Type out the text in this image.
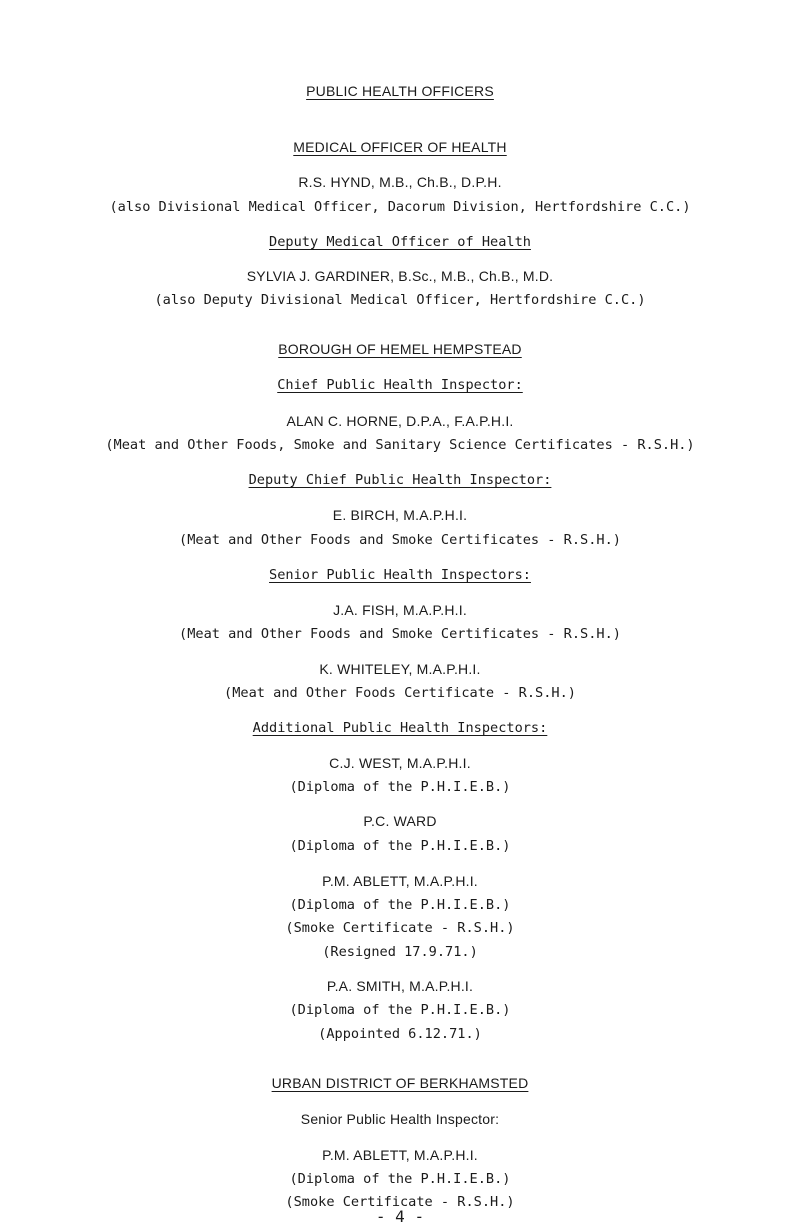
PUBLIC HEALTH OFFICERS
MEDICAL OFFICER OF HEALTH
R.S. HYND, M.B., Ch.B., D.P.H.
(also Divisional Medical Officer, Dacorum Division, Hertfordshire C.C.)
Deputy Medical Officer of Health
SYLVIA J. GARDINER, B.Sc., M.B., Ch.B., M.D.
(also Deputy Divisional Medical Officer, Hertfordshire C.C.)
BOROUGH OF HEMEL HEMPSTEAD
Chief Public Health Inspector:
ALAN C. HORNE, D.P.A., F.A.P.H.I.
(Meat and Other Foods, Smoke and Sanitary Science Certificates - R.S.H.)
Deputy Chief Public Health Inspector:
E. BIRCH, M.A.P.H.I.
(Meat and Other Foods and Smoke Certificates - R.S.H.)
Senior Public Health Inspectors:
J.A. FISH, M.A.P.H.I.
(Meat and Other Foods and Smoke Certificates - R.S.H.)
K. WHITELEY, M.A.P.H.I.
(Meat and Other Foods Certificate - R.S.H.)
Additional Public Health Inspectors:
C.J. WEST, M.A.P.H.I.
(Diploma of the P.H.I.E.B.)
P.C. WARD
(Diploma of the P.H.I.E.B.)
P.M. ABLETT, M.A.P.H.I.
(Diploma of the P.H.I.E.B.)
(Smoke Certificate - R.S.H.)
(Resigned 17.9.71.)
P.A. SMITH, M.A.P.H.I.
(Diploma of the P.H.I.E.B.)
(Appointed 6.12.71.)
URBAN DISTRICT OF BERKHAMSTED
Senior Public Health Inspector:
P.M. ABLETT, M.A.P.H.I.
(Diploma of the P.H.I.E.B.)
(Smoke Certificate - R.S.H.)
- 4 -
